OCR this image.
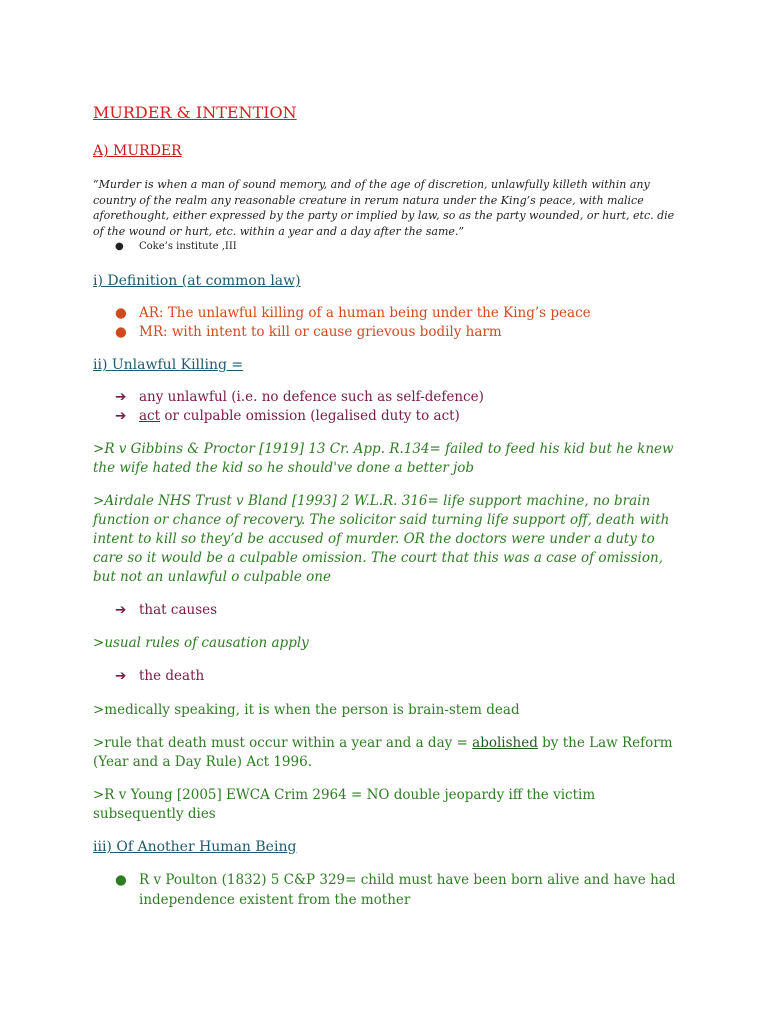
MURDER & INTENTION

A) MURDER

“Murder is when a man of sound memory, and of the age of discretion, unlawfully killeth within any country of the realm any reasonable creature in rerum natura under the King’s peace, with malice aforethought, either expressed by the party or implied by law, so as the party wounded, or hurt, etc. die of the wound or hurt, etc. within a year and a day after the same.”

● Coke’s institute ,III

i) Definition (at common law)

● AR: The unlawful killing of a human being under the King’s peace
● MR: with intent to kill or cause grievous bodily harm

ii) Unlawful Killing =

➔ any unlawful (i.e. no defence such as self-defence)
➔ act or culpable omission (legalised duty to act)

>R v Gibbins & Proctor [1919] 13 Cr. App. R.134= failed to feed his kid but he knew the wife hated the kid so he should've done a better job

>Airdale NHS Trust v Bland [1993] 2 W.L.R. 316= life support machine, no brain function or chance of recovery. The solicitor said turning life support off, death with intent to kill so they’d be accused of murder. OR the doctors were under a duty to care so it would be a culpable omission. The court that this was a case of omission, but not an unlawful o culpable one

➔ that causes

>usual rules of causation apply

➔ the death

>medically speaking, it is when the person is brain-stem dead

>rule that death must occur within a year and a day = abolished by the Law Reform (Year and a Day Rule) Act 1996.

>R v Young [2005] EWCA Crim 2964 = NO double jeopardy iff the victim subsequently dies

iii) Of Another Human Being

● R v Poulton (1832) 5 C&P 329= child must have been born alive and have had independence existent from the mother
